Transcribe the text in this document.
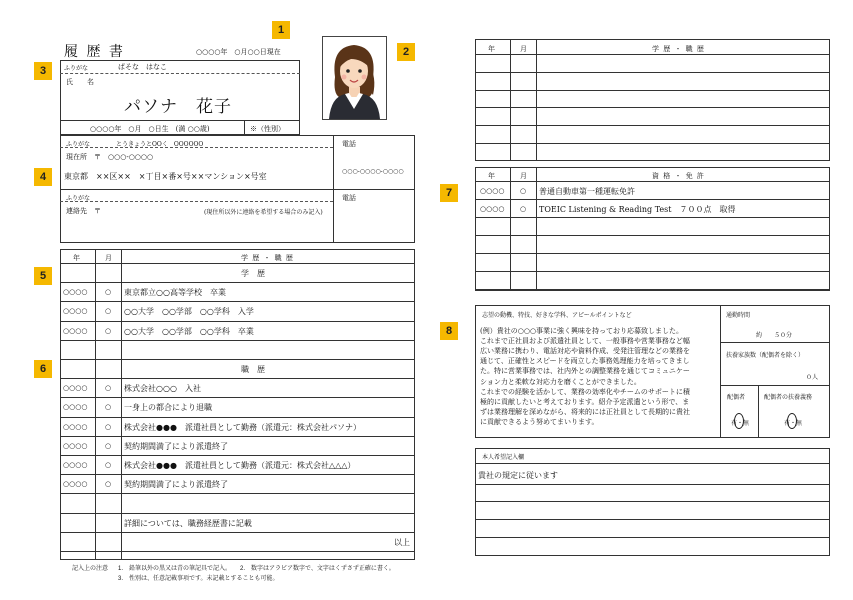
1
2
3
4
5
6
7
8
履 歴 書	○○○○年　○月○○日現在
ふりがな	ぱそな　はなこ
氏　　名
パソナ　花子
○○○○年　○月　○日生　(満 ○○歳)	※（性別）
ふりがな	とうきょうとOOく　OOOOOO
現在所　〒　○○○-○○○○
東京都　××区××　×丁目×番×号××マンション×号室
電話
○○○-○○○○-○○○○
ふりがな
連絡先　〒	(現住所以外に連絡を希望する場合のみ記入)
電話
年	月	学 歴 ・ 職 歴
学　歴
○○○○	○ 東京都立○○高等学校　卒業
○○○○	○ ○○大学　○○学部　○○学科　入学
○○○○	○ ○○大学　○○学部　○○学科　卒業
職　歴
○○○○	○ 株式会社○○○　入社
○○○○	○ 一身上の都合により退職
○○○○	○ 株式会社●●●　派遣社員として勤務（派遣元：株式会社パソナ）
○○○○	○ 契約期間満了により派遣終了
○○○○	○ 株式会社●●●　派遣社員として勤務（派遣元：株式会社△△△）
○○○○	○ 契約期間満了により派遣終了
詳細については、職務経歴書に記載
以上
記入上の注意 1.　鉛筆以外の黒又は青の筆記具で記入。　　2.　数字はアラビア数字で、文字はくずさず正確に書く。
3.　性別は、任意記載事項です。未記載とすることも可能。
年	月	学 歴 ・ 職 歴
年	月	資 格 ・ 免 許
○○○○ ○ 普通自動車第一種運転免許
○○○○ ○ TOEIC Listening & Reading Test　７００点　取得
志望の動機、特技、好きな学科、アピールポイントなど
(例）貴社の○○○事業に強く興味を持っており応募致しました。
これまで正社員および派遣社員として、一般事務や営業事務など幅
広い業務に携わり、電話対応や資料作成、受発注管理などの業務を
通じて、正確性とスピードを両立した事務処理能力を培ってきまし
た。特に営業事務では、社内外との調整業務を通じてコミュニケー
ション力と柔軟な対応力を磨くことができました。
これまでの経験を活かして、業務の効率化やチームのサポートに積
極的に貢献したいと考えております。紹介予定派遣という形で、ま
ずは業務理解を深めながら、将来的には正社員として長期的に貴社
に貢献できるよう努めてまいります。
通勤時間
約　　５０分
扶養家族数（配偶者を除く）
０人
配偶者	配偶者の扶養義務
有・無	有・無
本人希望記入欄
貴社の規定に従います
